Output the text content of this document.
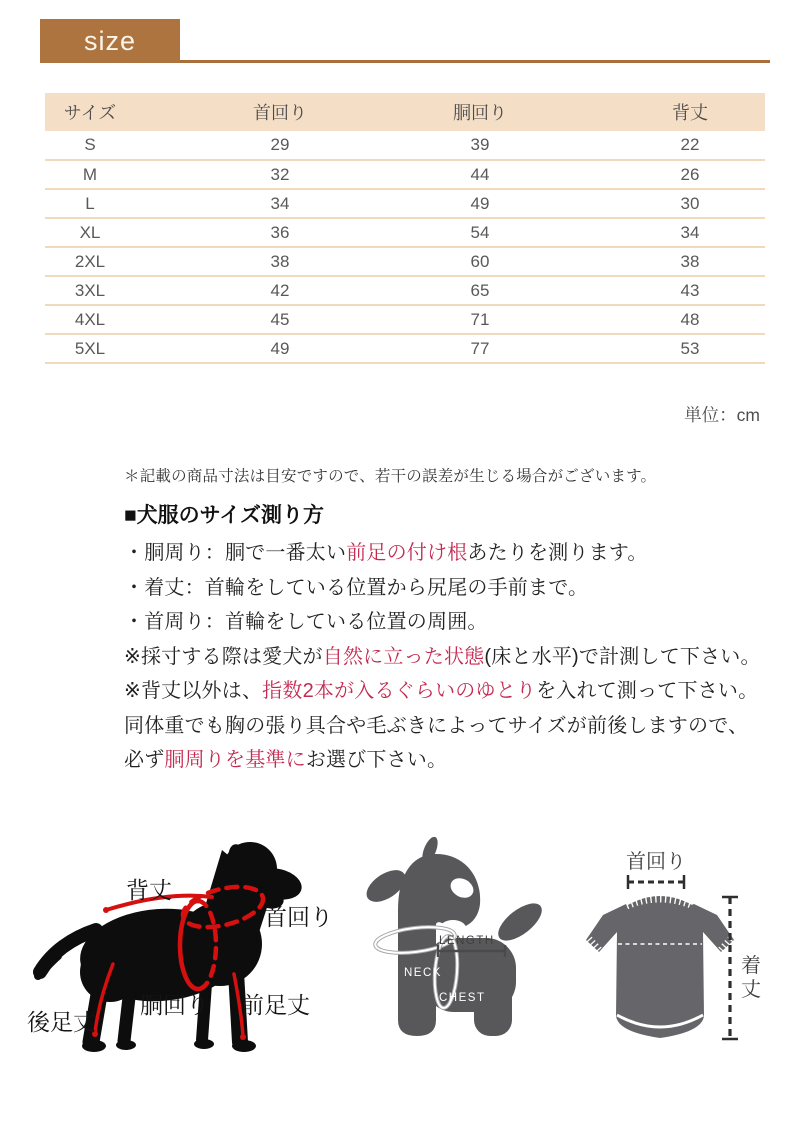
size
サイズ	首回り	胴回り	背丈
S	29	39	22
M	32	44	26
L	34	49	30
XL	36	54	34
2XL	38	60	38
3XL	42	65	43
4XL	45	71	48
5XL	49	77	53
単位：cm
＊記載の商品寸法は目安ですので、若干の誤差が生じる場合がございます。
■犬服のサイズ測り方

・胴周り：胴で一番太い前足の付け根あたりを測ります。

・着丈：首輪をしている位置から尻尾の手前まで。

・首周り：首輪をしている位置の周囲。

※採寸する際は愛犬が自然に立った状態(床と水平)で計測して下さい。

※背丈以外は、指数2本が入るぐらいのゆとりを入れて測って下さい。

同体重でも胸の張り具合や毛ぶきによってサイズが前後しますので、

必ず胴周りを基準にお選び下さい。

背丈
首回り
胴回り 前足丈
後足丈
LENGTH
NECK
CHEST
首回り
着
丈
